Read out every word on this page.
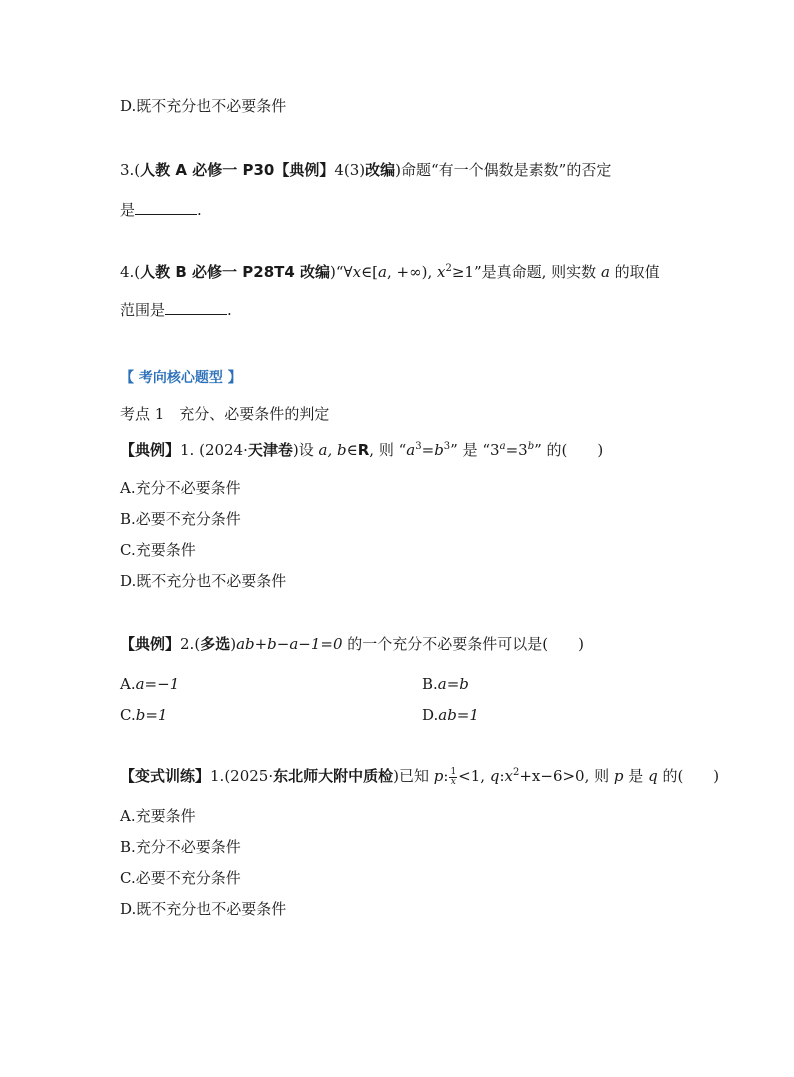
D.既不充分也不必要条件
3.(人教 A 必修一 P30【典例】4(3)改编)命题“有一个偶数是素数”的否定
是	.
4.(人教 B 必修一 P28T4 改编)“∀x∈[a, +∞), $x^2\ge 1$”是真命题, 则实数 a 的取值
范围是	.
【 考向核心题型 】
考点 1　充分、必要条件的判定
【典例】1. (2024·天津卷)设 a, b∈R, 则 “$a^3=b^3$” 是 “$3^a=3^b$” 的(　　)
A.充分不必要条件
B.必要不充分条件
C.充要条件
D.既不充分也不必要条件
【典例】2.(多选)ab+b−a−1=0 的一个充分不必要条件可以是(　　)
A.a=−1	B.a=b
C.b=1	D.ab=1
【变式训练】1.(2025·东北师大附中质检)已知 p: $\frac{1}{x} <1$, $q:x^2+x-6>0$, 则 p 是 q 的(　　)
A.充要条件
B.充分不必要条件
C.必要不充分条件
D.既不充分也不必要条件
